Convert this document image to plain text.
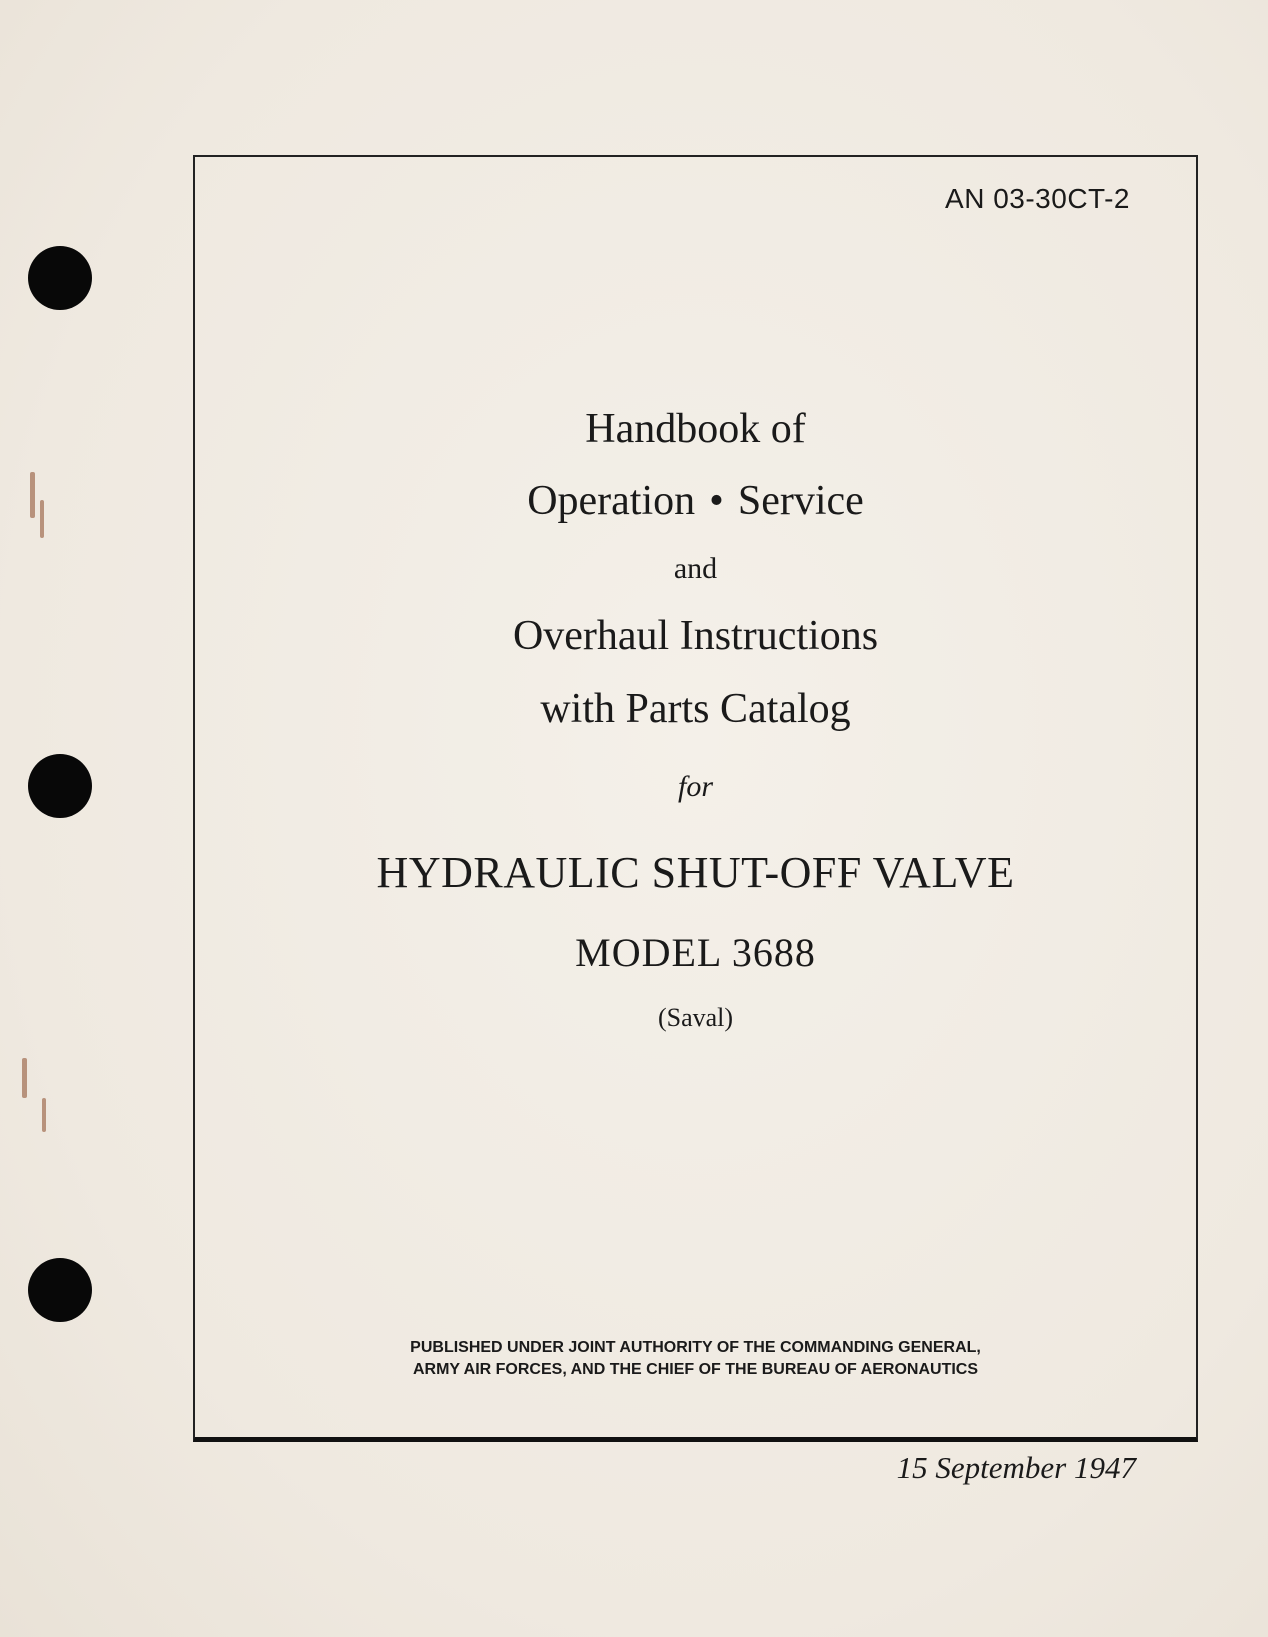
AN 03-30CT-2
Handbook of
Operation • Service
and
Overhaul Instructions
with Parts Catalog
for
HYDRAULIC SHUT-OFF VALVE
MODEL 3688
(Saval)
PUBLISHED UNDER JOINT AUTHORITY OF THE COMMANDING GENERAL,
ARMY AIR FORCES, AND THE CHIEF OF THE BUREAU OF AERONAUTICS
15 September 1947
